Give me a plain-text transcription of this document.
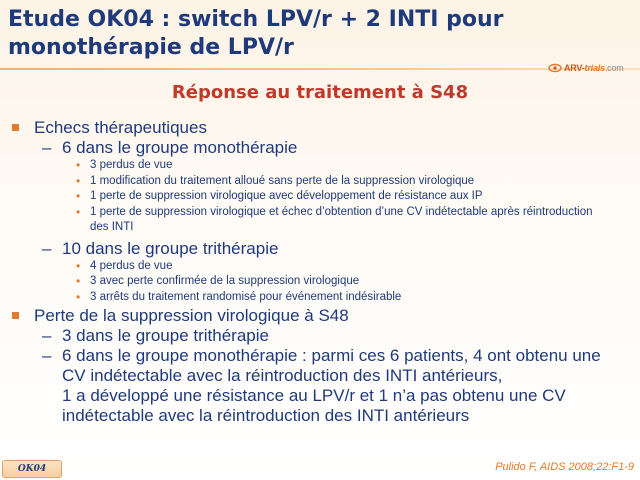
Etude OK04 : switch LPV/r + 2 INTI pour monothérapie de LPV/r
ARV-trials.com
Réponse au traitement à S48
Echecs thérapeutiques
– 6 dans le groupe monothérapie
• 3 perdus de vue
• 1 modification du traitement alloué sans perte de la suppression virologique
• 1 perte de suppression virologique avec développement de résistance aux IP
• 1 perte de suppression virologique et échec d’obtention d’une CV indétectable après réintroduction des INTI
– 10 dans le groupe trithérapie
• 4 perdus de vue
• 3 avec perte confirmée de la suppression virologique
• 3 arrêts du traitement randomisé pour événement indésirable
Perte de la suppression virologique à S48
– 3 dans le groupe trithérapie
– 6 dans le groupe monothérapie : parmi ces 6 patients, 4 ont obtenu une CV indétectable avec la réintroduction des INTI antérieurs,
1 a développé une résistance au LPV/r et 1 n’a pas obtenu une CV indétectable avec la réintroduction des INTI antérieurs
OK04	Pulido F, AIDS 2008;22:F1-9
